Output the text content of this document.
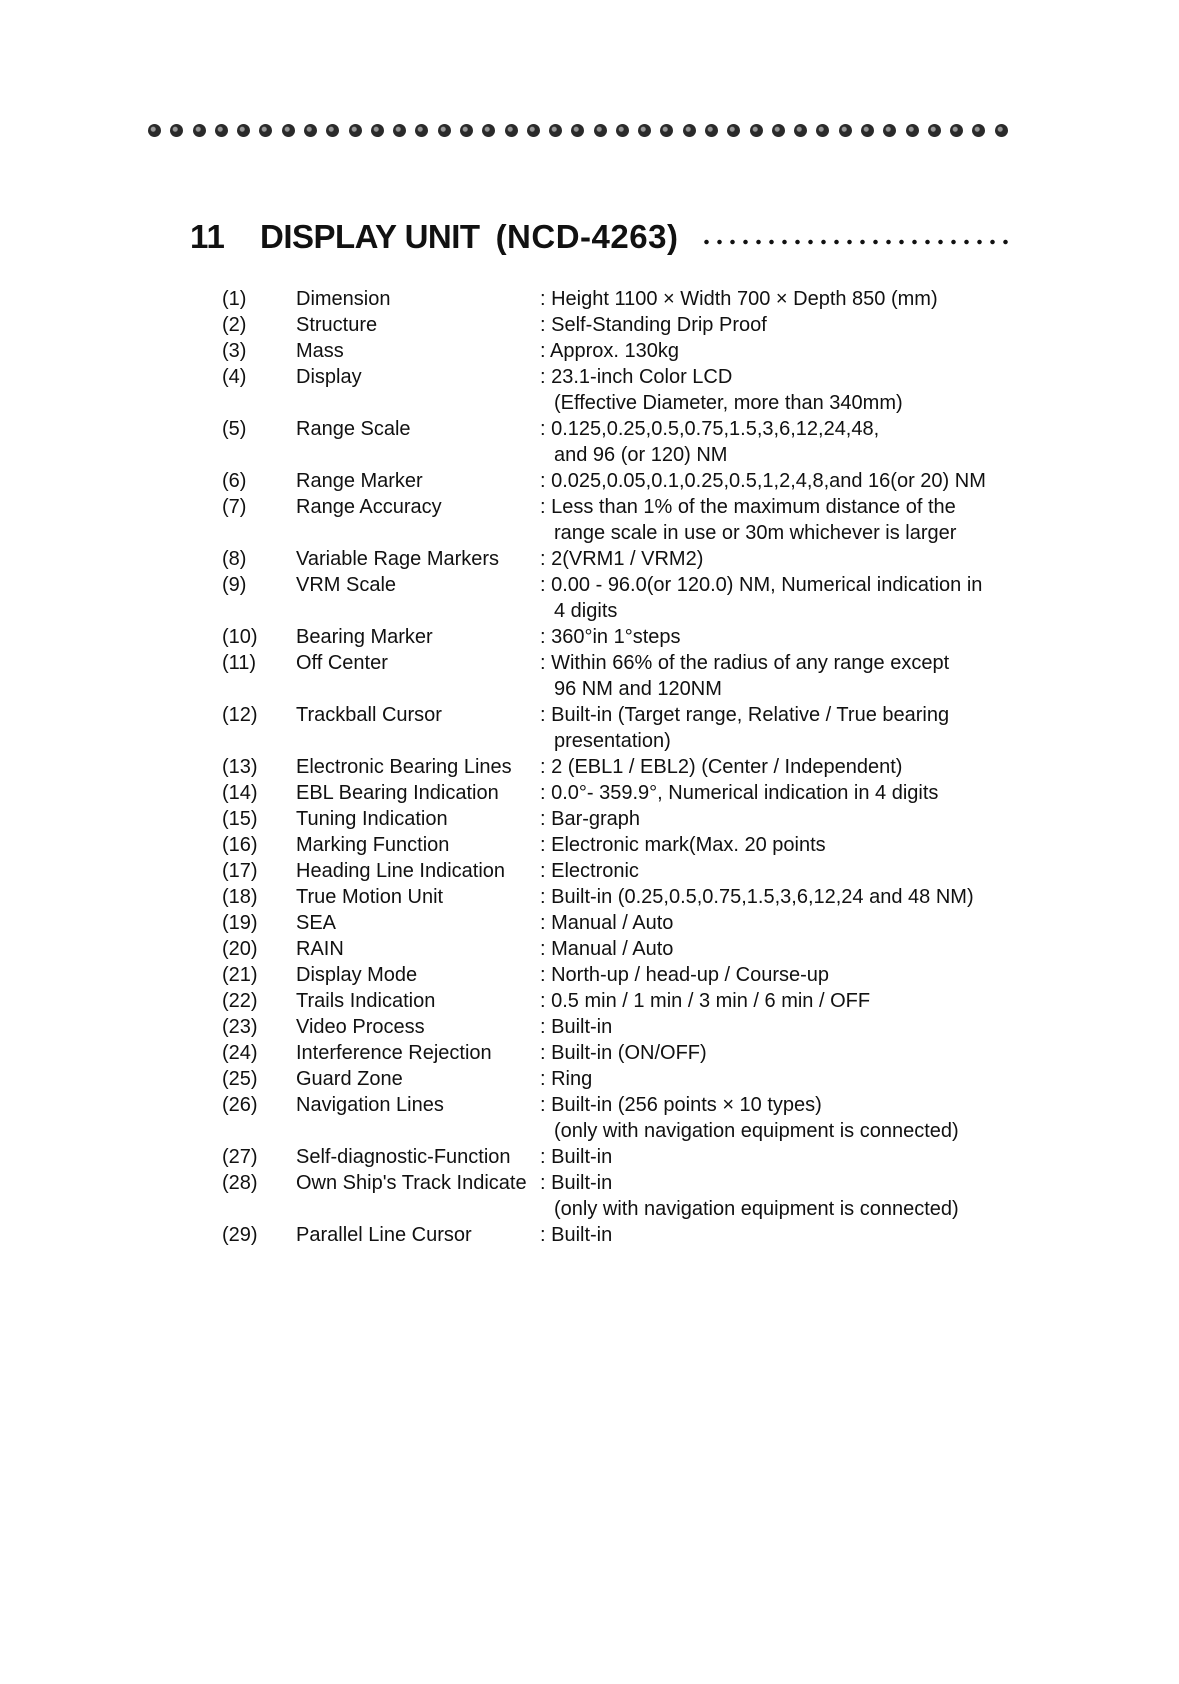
11	DISPLAY UNIT (NCD-4263)
(1) Dimension	: Height 1100 × Width 700 × Depth 850 (mm)
(2) Structure	: Self-Standing Drip Proof
(3) Mass	: Approx. 130kg
(4) Display	: 23.1-inch Color LCD
(Effective Diameter, more than 340mm)
(5) Range Scale	: 0.125,0.25,0.5,0.75,1.5,3,6,12,24,48,
and 96 (or 120) NM
(6) Range Marker	: 0.025,0.05,0.1,0.25,0.5,1,2,4,8,and 16(or 20) NM
(7) Range Accuracy	: Less than 1% of the maximum distance of the
range scale in use or 30m whichever is larger
(8) Variable Rage Markers : 2(VRM1 / VRM2)
(9) VRM Scale	: 0.00 - 96.0(or 120.0) NM, Numerical indication in
4 digits
(10) Bearing Marker	: 360°in 1°steps
(11) Off Center	: Within 66% of the radius of any range except
96 NM and 120NM
(12) Trackball Cursor	: Built-in (Target range, Relative / True bearing
presentation)
(13) Electronic Bearing Lines : 2 (EBL1 / EBL2) (Center / Independent)
(14) EBL Bearing Indication : 0.0°- 359.9°, Numerical indication in 4 digits
(15) Tuning Indication	: Bar-graph
(16) Marking Function	: Electronic mark(Max. 20 points
(17) Heading Line Indication : Electronic
(18) True Motion Unit	: Built-in (0.25,0.5,0.75,1.5,3,6,12,24 and 48 NM)
(19) SEA	: Manual / Auto
(20) RAIN	: Manual / Auto
(21) Display Mode	: North-up / head-up / Course-up
(22) Trails Indication	: 0.5 min / 1 min / 3 min / 6 min / OFF
(23) Video Process	: Built-in
(24) Interference Rejection : Built-in (ON/OFF)
(25) Guard Zone	: Ring
(26) Navigation Lines	: Built-in (256 points × 10 types)
(only with navigation equipment is connected)
(27) Self-diagnostic-Function : Built-in
(28) Own Ship's Track Indicate : Built-in
(only with navigation equipment is connected)
(29) Parallel Line Cursor	: Built-in
